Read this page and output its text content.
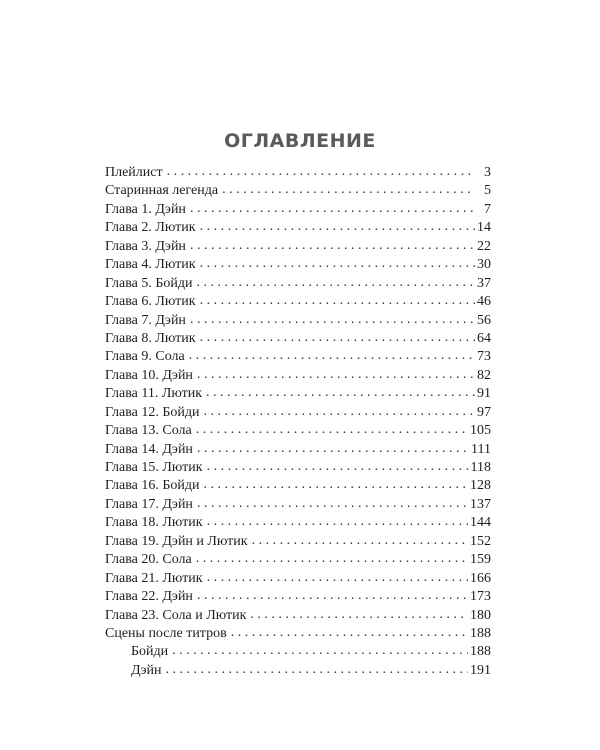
ОГЛАВЛЕНИЕ
Плейлист . . .	3
Старинная легенда . . .	5
Глава 1. Дэйн . . .	7
Глава 2. Лютик . . .	14
Глава 3. Дэйн . . .	22
Глава 4. Лютик . . .	30
Глава 5. Бойди . . .	37
Глава 6. Лютик . . .	46
Глава 7. Дэйн . . .	56
Глава 8. Лютик . . .	64
Глава 9. Сола . . .	73
Глава 10. Дэйн . . .	82
Глава 11. Лютик . . .	91
Глава 12. Бойди . . .	97
Глава 13. Сола . . .	105
Глава 14. Дэйн . . .	111
Глава 15. Лютик . . .	118
Глава 16. Бойди . . .	128
Глава 17. Дэйн . . .	137
Глава 18. Лютик . . .	144
Глава 19. Дэйн и Лютик . . .	152
Глава 20. Сола . . .	159
Глава 21. Лютик . . .	166
Глава 22. Дэйн . . .	173
Глава 23. Сола и Лютик . . .	180
Сцены после титров . . .	188
Бойди . . .	188
Дэйн . . .	191
